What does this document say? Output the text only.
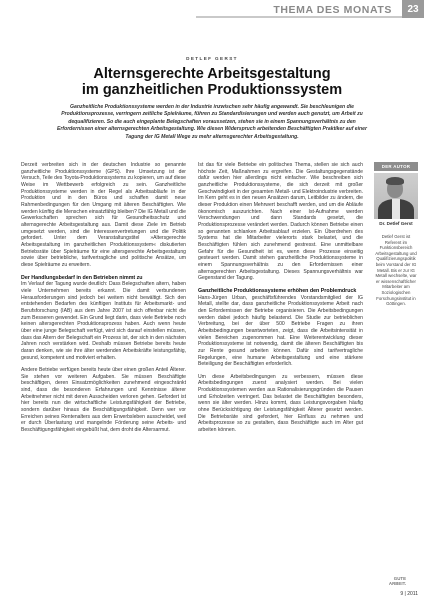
THEMA DES MONATS	23
DETLEF GERST
Alternsgerechte Arbeitsgestaltung
im ganzheitlichen Produktionssystem
Ganzheitliche Produktionssysteme werden in der Industrie inzwischen sehr häufig angewandt. Sie beschleunigen die Produktionsprozesse, verringern zeitliche Spielräume, führen zu Standardisierungen und werden auch genutzt, um Arbeit zu dequalifizieren. So die auch eingeplante Belegschaften voraussetzen, stehen sie in einem Spannungsverhältnis zu den Erfordernissen einer alternsgerechten Arbeitsgestaltung. Wie diesen Widerspruch arbeitenden Beschäftigten Praktiker auf einer Tagung der IG Metall Wege zu mehr alternsgerechter Arbeitsgestaltung.

Derzeit verbreiten sich in der deutschen Industrie so genannte ganzheitliche Produktionssysteme (GPS). Ihre Umsetzung ist der Versuch, Teile des Toyota-Produktionssystems zu kopieren, um auf diese Weise im Wettbewerb erfolgreich zu sein. Ganzheitliche Produktionssysteme werden in der Regel als Arbeitsabläufe in der Produktion und in den Büros und schaffen damit neue Rahmenbedingungen für den Umgang mit älteren Beschäftigten. Wie werden künftig die Menschen einsatzfähig bleiben? Die IG Metall und die Gewerkschaften sprechen sich für Gesundheitsschutz und alternsgerechte Arbeitsgestaltung aus. Damit diese Ziele im Betrieb umgesetzt werden, sind die Interessenvertretungen und die Politik gefordert. Unter dem Veranstaltungstitel »Altersgerechte Arbeitsgestaltung im ganzheitlichen Produktionssystem« diskutierten Betriebsräte über Spielräume für eine altersgerechte Arbeitsgestaltung sowie über betriebliche, tarifvertragliche und politische Ansätze, um diese Spielräume zu erweitern.

Der Handlungsbedarf in den Betrieben nimmt zu

Im Verlauf der Tagung wurde deutlich: Dass Belegschaften altern, haben viele Unternehmen bereits erkannt. Die damit verbundenen Herausforderungen sind jedoch bei weitem nicht bewältigt. Sich den entstehenden Bedarfen des künftigen Instituts für Arbeitsmarkt- und Berufsforschung (IAB) aus dem Jahre 2007 ist sich offenbar nicht die zum Besseren gewendet. Ein Grund liegt darin, dass viele Betriebe noch keinen altersgerechten Produktionsprozess haben. Auch wenn heute über eine junge Belegschaft verfügt, wird sich darauf einstellen müssen, dass das Altern der Belegschaft ein Prozess ist, der sich in den nächsten Jahren noch verstärken wird. Deshalb müssen Betriebe bereits heute daran denken, wie sie ihre älter werdenden Arbeitskräfte leistungsfähig, gesund, kompetent und motiviert erhalten.

Andere Betriebe verfügen bereits heute über einen großen Anteil Älterer. Sie stehen vor weiteren Aufgaben. Sie müssen Beschäftigte beschäftigen, deren Einsatzmöglichkeiten zunehmend eingeschränkt sind, dass die besonderen Erfahrungen und Kenntnisse älterer Arbeitnehmer nicht mit deren Ausscheiden verloren gehen. Gefordert ist hier bereits nun die wirtschaftliche Leistungsfähigkeit der Betriebe, sondern darüber hinaus die Beschäftigungsfähigkeit. Denn wer vor Erreichen seines Rentenalters aus dem Erwerbsleben ausscheidet, weil er durch Überlastung und mangelnde Förderung seine Arbeits- und Beschäftigungsfähigkeit eingebüßt hat, dem droht die Altersarmut.

Ist das für viele Betriebe ein politisches Thema, stellen sie sich auch höchste Zeit, Maßnahmen zu ergreifen. Die Gestaltungsgegenstände dafür werden hier allerdings nicht einfacher. Wie beschreiben sich ganzheitliche Produktionssysteme, die sich derzeit mit großer Geschwindigkeit in der gesamten Metall- und Elektroindustrie verbreiten. Im Kern geht es in den neuen Ansätzen darum, Leitbilder zu ändern, die dieser Produktion einen Mehrwert beschafft werden, und um die Abläufe ökonomisch auszurichten. Nach einer Ist-Aufnahme werden Verschwendungen und dann Standards gesetzt, die Produktionsprozesse verändert werden. Dadurch können Betriebe einen so genannten schlanken Arbeitsablauf erzielen. Ein Überdrehen des Systems hat die Mitarbeiter vielerorts stark belastet, und die Beschäftigten fühlen sich zunehmend gestresst. Eine unmittelbare Gefahr für die Gesundheit ist es, wenn diese Prozesse einseitig gesteuert werden. Damit stehen ganzheitliche Produktionssysteme in einem Spannungsverhältnis zu den Erfordernissen einer alternsgerechten Arbeitsgestaltung. Dieses Spannungsverhältnis war Gegenstand der Tagung.

Ganzheitliche Produktionssysteme erhöhen den Problemdruck

Hans-Jürgen Urban, geschäftsführendes Vorstandsmitglied der IG Metall, stellte dar, dass ganzheitliche Produktionssysteme Arbeit nach den Erfordernissen der Betriebe organisieren. Die Arbeitsbedingungen werden dabei jedoch häufig belastend. Die Studie zur betrieblichen Verbreitung, bei der über 500 Betriebe Fragen zu ihren Arbeitsbedingungen beantworteten, zeigt, dass die Arbeitsintensität in vielen Bereichen zugenommen hat. Eine Weiterentwicklung dieser Produktionssysteme ist notwendig, damit die älteren Beschäftigten bis zur Rente gesund arbeiten können. Dafür sind tarifvertragliche Regelungen, eine humane Arbeitsgestaltung und eine stärkere Beteiligung der Beschäftigten erforderlich.

Um diese Arbeitsbedingungen zu verbessern, müssen diese Arbeitsbedingungen zuerst analysiert werden. Bei vielen Produktionssystemen werden aus Rationalisierungsgründen die Pausen und Erholzeiten verringert. Das belastet die Beschäftigten besonders, wenn sie älter werden. Hinzu kommt, dass Leistungsvorgaben häufig ohne Berücksichtigung der Leistungsfähigkeit Älterer gesetzt werden. Die Betriebsräte sind gefordert, hier Einfluss zu nehmen und Arbeitsprozesse so zu gestalten, dass Beschäftigte auch im Alter gut arbeiten können.

DER AUTOR
Dr. Detlef Gerst
Detlef Gerst ist Referent im Funktionsbereich Arbeitsgestaltung und Qualifizierungspolitik beim Vorstand der IG Metall. Bis er zur IG Metall wechselte, war er wissenschaftlicher Mitarbeiter am Soziologischen Forschungsinstitut in Göttingen.
GUTE
ARBEIT.
9 | 2011
